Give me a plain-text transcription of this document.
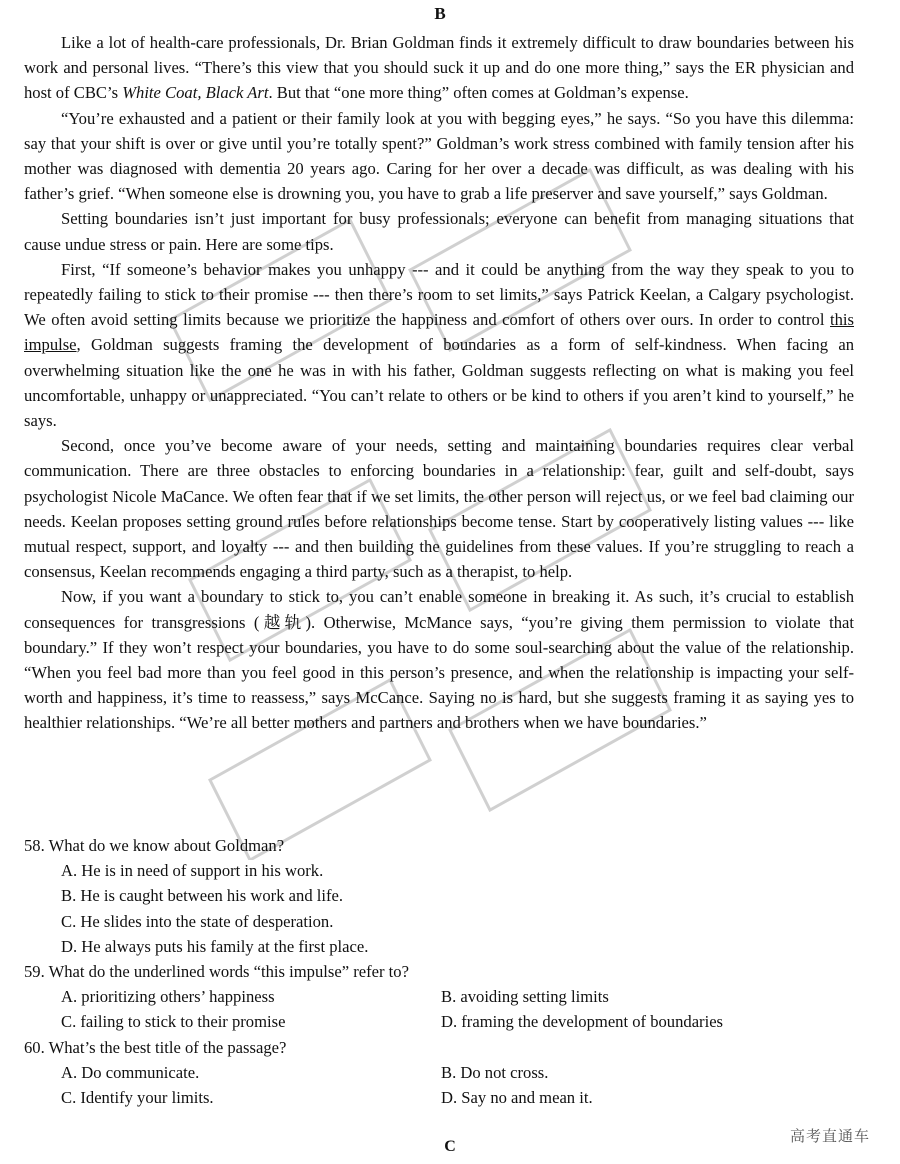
B

Like a lot of health-care professionals, Dr. Brian Goldman finds it extremely difficult to draw boundaries between his work and personal lives. “There’s this view that you should suck it up and do one more thing,” says the ER physician and host of CBC’s White Coat, Black Art. But that “one more thing” often comes at Goldman’s expense.

“You’re exhausted and a patient or their family look at you with begging eyes,” he says. “So you have this dilemma: say that your shift is over or give until you’re totally spent?” Goldman’s work stress combined with family tension after his mother was diagnosed with dementia 20 years ago. Caring for her over a decade was difficult, as was dealing with his father’s grief. “When someone else is drowning you, you have to grab a life preserver and save yourself,” says Goldman.

Setting boundaries isn’t just important for busy professionals; everyone can benefit from managing situations that cause undue stress or pain. Here are some tips.

First, “If someone’s behavior makes you unhappy --- and it could be anything from the way they speak to you to repeatedly failing to stick to their promise --- then there’s room to set limits,” says Patrick Keelan, a Calgary psychologist. We often avoid setting limits because we prioritize the happiness and comfort of others over ours. In order to control this impulse, Goldman suggests framing the development of boundaries as a form of self-kindness. When facing an overwhelming situation like the one he was in with his father, Goldman suggests reflecting on what is making you feel uncomfortable, unhappy or unappreciated. “You can’t relate to others or be kind to others if you aren’t kind to yourself,” he says.

Second, once you’ve become aware of your needs, setting and maintaining boundaries requires clear verbal communication. There are three obstacles to enforcing boundaries in a relationship: fear, guilt and self-doubt, says psychologist Nicole MaCance. We often fear that if we set limits, the other person will reject us, or we feel bad claiming our needs. Keelan proposes setting ground rules before relationships become tense. Start by cooperatively listing values --- like mutual respect, support, and loyalty --- and then building the guidelines from these values. If you’re struggling to reach a consensus, Keelan recommends engaging a third party, such as a therapist, to help.

Now, if you want a boundary to stick to, you can’t enable someone in breaking it. As such, it’s crucial to establish consequences for transgressions (越轨). Otherwise, McMance says, “you’re giving them permission to violate that boundary.” If they won’t respect your boundaries, you have to do some soul-searching about the value of the relationship. “When you feel bad more than you feel good in this person’s presence, and when the relationship is impacting your self-worth and happiness, it’s time to reassess,” says McCance. Saying no is hard, but she suggests framing it as saying yes to healthier relationships. “We’re all better mothers and partners and brothers when we have boundaries.”

58. What do we know about Goldman?

A. He is in need of support in his work.
B. He is caught between his work and life.
C. He slides into the state of desperation.
D. He always puts his family at the first place.

59. What do the underlined words “this impulse” refer to?

A. prioritizing others’ happiness	B. avoiding setting limits
C. failing to stick to their promise	D. framing the development of boundaries

60. What’s the best title of the passage?

A. Do communicate.	B. Do not cross.
C. Identify your limits.	D. Say no and mean it.
高考直通车
C
